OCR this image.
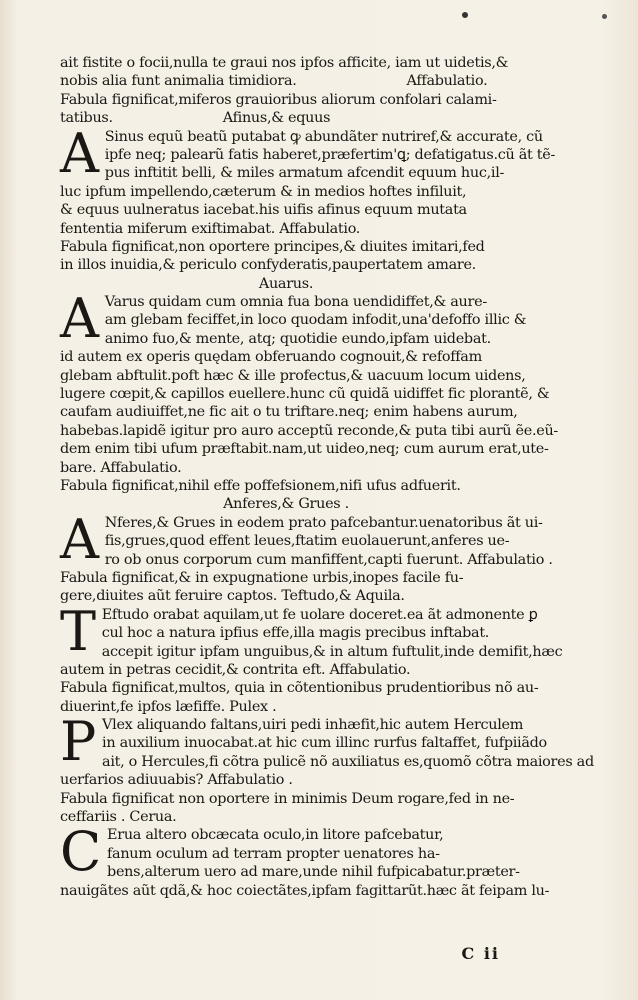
ait fistite o focii,nulla te graui nos ipfos afficite, iam ut uidetis,&
nobis alia funt animalia timidiora.	Affabulatio.
Fabula fignificat,miferos grauioribus aliorum confolari calami-
tatibus.	Afinus,& equus
A Sinus equũ beatũ putabat ꝙ abundãter nutriref,& accurate, cũ
ipfe neq; palearũ fatis haberet,præfertim'ꝗ; defatigatus.cũ ãt tẽ-
pus inftitit belli, & miles armatum afcendit equum huc,il-
luc ipfum impellendo,cæterum & in medios hoftes infiluit,
& equus uulneratus iacebat.his uifis afinus equum mutata
fententia miferum exiftimabat. Affabulatio.
Fabula fignificat,non oportere principes,& diuites imitari,fed
in illos inuidia,& periculo confyderatis,paupertatem amare.
Auarus.
A Varus quidam cum omnia fua bona uendidiffet,& aure-
am glebam feciffet,in loco quodam infodit,una'defoffo illic &
animo fuo,& mente, atq; quotidie eundo,ipfam uidebat.
id autem ex operis quędam obferuando cognouit,& refoffam
glebam abftulit.poft hæc & ille profectus,& uacuum locum uidens,
lugere cœpit,& capillos euellere.hunc cũ quidã uidiffet fic plorantẽ, &
caufam audiuiffet,ne fic ait o tu triftare.neq; enim habens aurum,
habebas.lapidẽ igitur pro auro acceptũ reconde,& puta tibi aurũ ẽe.eũ-
dem enim tibi ufum præftabit.nam,ut uideo,neq; cum aurum erat,ute-
bare. Affabulatio.
Fabula fignificat,nihil effe poffefsionem,nifi ufus adfuerit.
Anferes,& Grues .
A Nferes,& Grues in eodem prato pafcebantur.uenatoribus ãt ui-
fis,grues,quod effent leues,ftatim euolauerunt,anferes ue-
ro ob onus corporum cum manfiffent,capti fuerunt. Affabulatio .
Fabula fignificat,& in expugnatione urbis,inopes facile fu-
gere,diuites aũt feruire captos. Teftudo,& Aquila.
T Eftudo orabat aquilam,ut fe uolare doceret.ea ãt admonente ꝑ
cul hoc a natura ipfius effe,illa magis precibus inftabat.
accepit igitur ipfam unguibus,& in altum fuftulit,inde demifit,hæc
autem in petras cecidit,& contrita eft. Affabulatio.
Fabula fignificat,multos, quia in cõtentionibus prudentioribus nõ au-
diuerint,fe ipfos læfiffe. Pulex .
P Vlex aliquando faltans,uiri pedi inhæfit,hic autem Herculem
in auxilium inuocabat.at hic cum illinc rurfus faltaffet, fufpiiãdo
ait, o Hercules,fi cõtra pulicẽ nõ auxiliatus es,quomõ cõtra maiores ad
uerfarios adiuuabis? Affabulatio .
Fabula fignificat non oportere in minimis Deum rogare,fed in ne-
ceffariis . Cerua.
C Erua altero obcæcata oculo,in litore pafcebatur,
fanum oculum ad terram propter uenatores ha-
bens,alterum uero ad mare,unde nihil fufpicabatur.præter-
nauigãtes aũt qdã,& hoc coiectãtes,ipfam fagittarũt.hæc ãt feipam lu-
C ii
